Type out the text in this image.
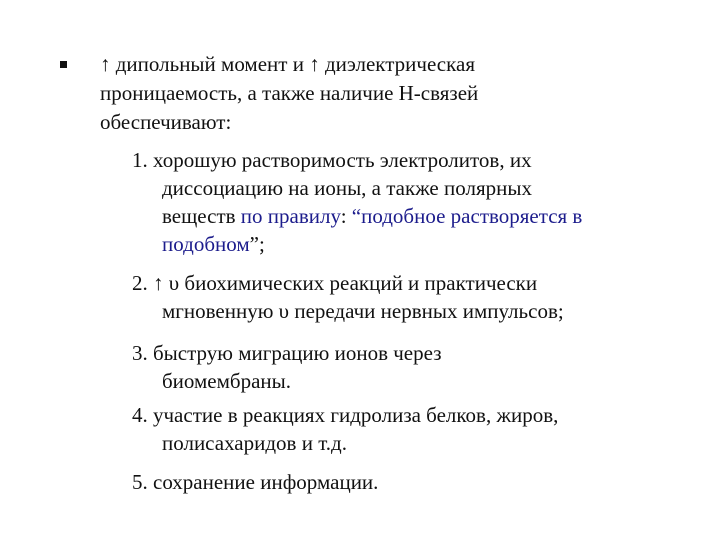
↑ дипольный момент и ↑ диэлектрическая
проницаемость, а также наличие Н-связей
обеспечивают:
1. хорошую растворимость электролитов, их
диссоциацию на ионы, а также полярных
веществ по правилу: “подобное растворяется в
подобном”;
2. ↑ υ биохимических реакций и практически
мгновенную υ передачи нервных импульсов;
3. быструю миграцию ионов через
биомембраны.
4. участие в реакциях гидролиза белков, жиров,
полисахаридов и т.д.
5. сохранение информации.
